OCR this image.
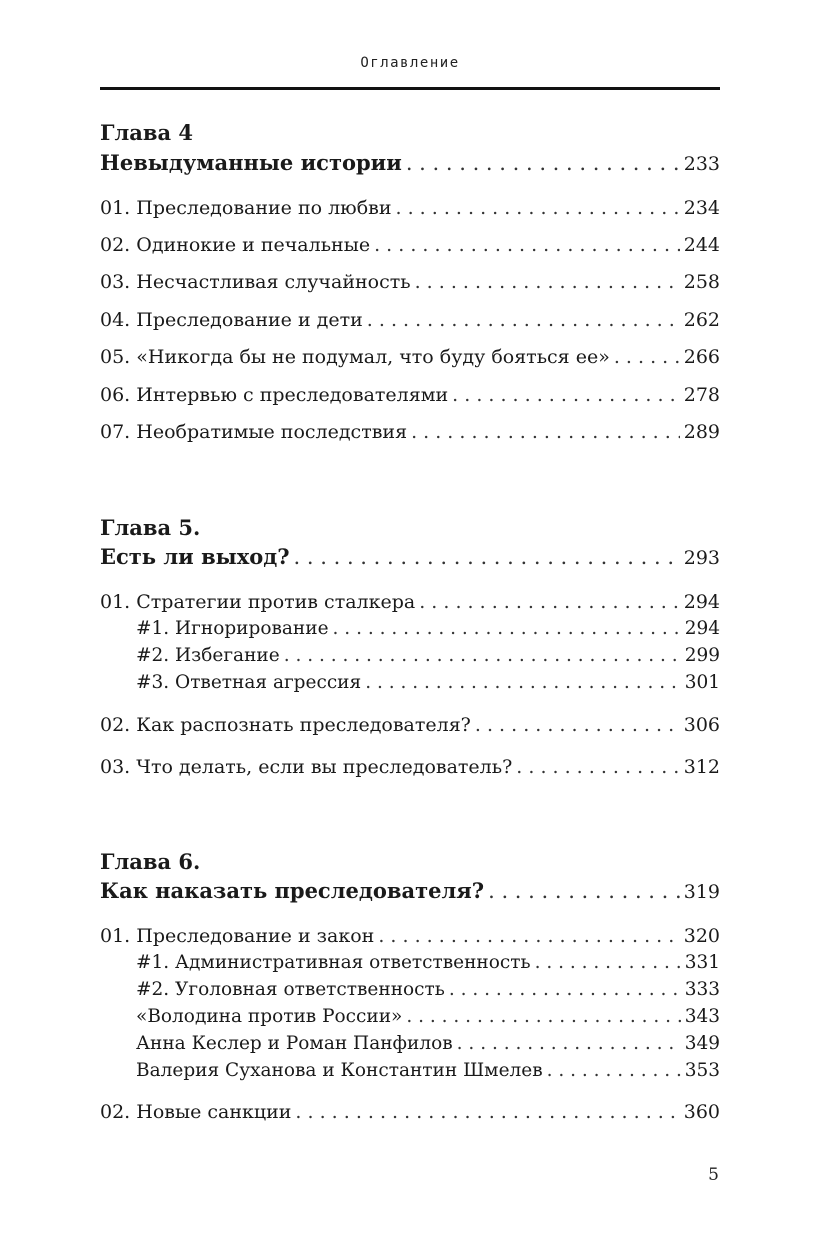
Оглавление
Глава 4
Невыдуманные истории . . .	233
01. Преследование по любви . . .	234
02. Одинокие и печальные . . .	244
03. Несчастливая случайность . . .	258
04. Преследование и дети . . .	262
05. «Никогда бы не подумал, что буду бояться ее» . . .	266
06. Интервью с преследователями . . .	278
07. Необратимые последствия . . .	289
Глава 5.
Есть ли выход? . . .	293
01. Стратегии против сталкера . . .	294
#1. Игнорирование . . .	294
#2. Избегание . . .	299
#3. Ответная агрессия . . .	301
02. Как распознать преследователя? . . .	306
03. Что делать, если вы преследователь? . . .	312
Глава 6.
Как наказать преследователя? . . .	319
01. Преследование и закон . . .	320
#1. Административная ответственность . . .	331
#2. Уголовная ответственность . . .	333
«Володина против России» . . .	343
Анна Кеслер и Роман Панфилов . . .	349
Валерия Суханова и Константин Шмелев . . .	353
02. Новые санкции . . .	360
5
